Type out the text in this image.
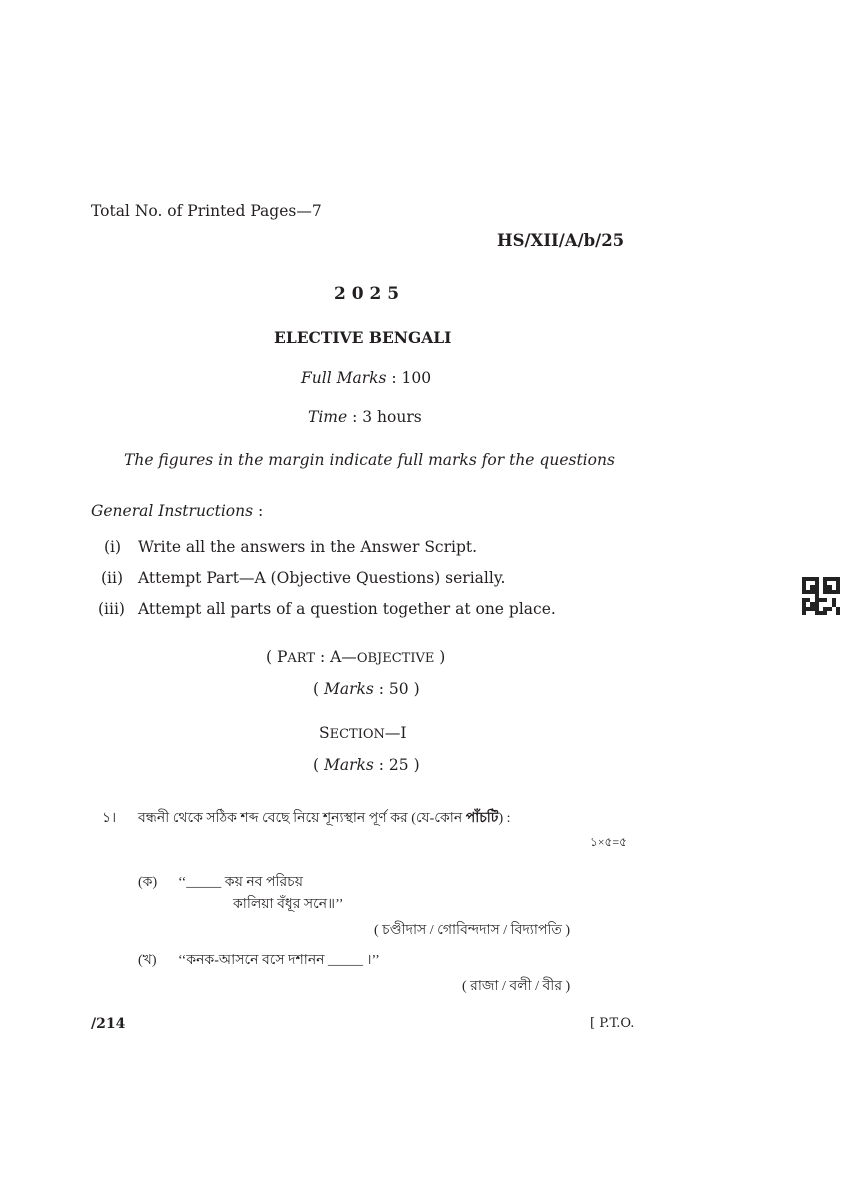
Total No. of Printed Pages—7
HS/XII/A/b/25
2 0 2 5
ELECTIVE BENGALI
Full Marks : 100
Time : 3 hours
The figures in the margin indicate full marks for the questions
General Instructions :
(i) Write all the answers in the Answer Script.
(ii) Attempt Part—A (Objective Questions) serially.
(iii) Attempt all parts of a question together at one place.
( PART : A—OBJECTIVE )
( Marks : 50 )
SECTION—I
( Marks : 25 )
১। বন্ধনী থেকে সঠিক শব্দ বেছে নিয়ে শূন্যস্থান পূর্ণ কর (যে-কোন পাঁচটি) :
১×৫=৫
(ক) ‘‘_____ কয় নব পরিচয়
কালিয়া বঁধূর সনে॥’’
( চণ্ডীদাস / গোবিন্দদাস / বিদ্যাপতি )
(খ) ‘‘কনক-আসনে বসে দশানন _____ ।’’
( রাজা / বলী / বীর )
/214	[ P.T.O.
